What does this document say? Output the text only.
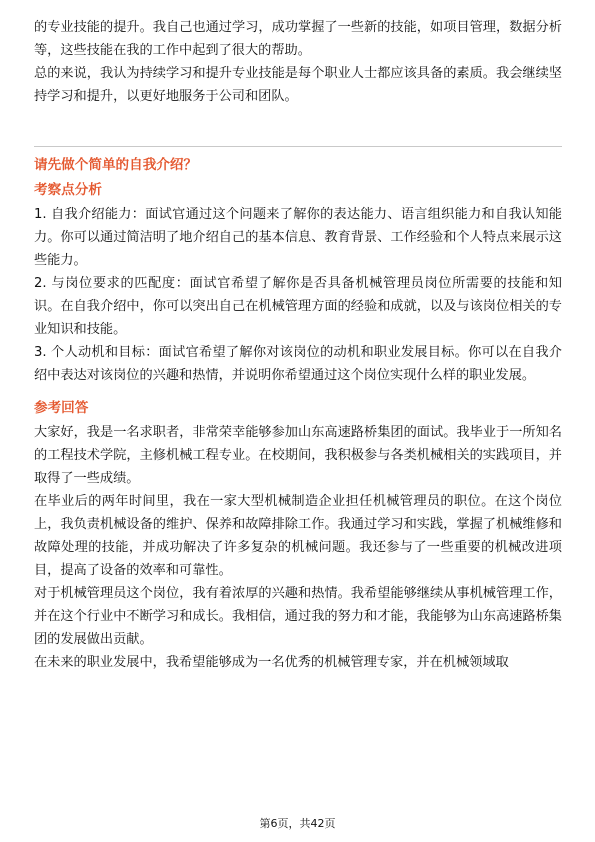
的专业技能的提升。我自己也通过学习，成功掌握了一些新的技能，如项目管理，数据分析等，这些技能在我的工作中起到了很大的帮助。

总的来说，我认为持续学习和提升专业技能是每个职业人士都应该具备的素质。我会继续坚持学习和提升，以更好地服务于公司和团队。

请先做个简单的自我介绍？

考察点分析

1. 自我介绍能力：面试官通过这个问题来了解你的表达能力、语言组织能力和自我认知能力。你可以通过简洁明了地介绍自己的基本信息、教育背景、工作经验和个人特点来展示这些能力。

2. 与岗位要求的匹配度：面试官希望了解你是否具备机械管理员岗位所需要的技能和知识。在自我介绍中，你可以突出自己在机械管理方面的经验和成就，以及与该岗位相关的专业知识和技能。

3. 个人动机和目标：面试官希望了解你对该岗位的动机和职业发展目标。你可以在自我介绍中表达对该岗位的兴趣和热情，并说明你希望通过这个岗位实现什么样的职业发展。

参考回答

大家好，我是一名求职者，非常荣幸能够参加山东高速路桥集团的面试。我毕业于一所知名的工程技术学院，主修机械工程专业。在校期间，我积极参与各类机械相关的实践项目，并取得了一些成绩。

在毕业后的两年时间里，我在一家大型机械制造企业担任机械管理员的职位。在这个岗位上，我负责机械设备的维护、保养和故障排除工作。我通过学习和实践，掌握了机械维修和故障处理的技能，并成功解决了许多复杂的机械问题。我还参与了一些重要的机械改进项目，提高了设备的效率和可靠性。

对于机械管理员这个岗位，我有着浓厚的兴趣和热情。我希望能够继续从事机械管理工作，并在这个行业中不断学习和成长。我相信，通过我的努力和才能，我能够为山东高速路桥集团的发展做出贡献。

在未来的职业发展中，我希望能够成为一名优秀的机械管理专家，并在机械领域取

第6页，共42页
